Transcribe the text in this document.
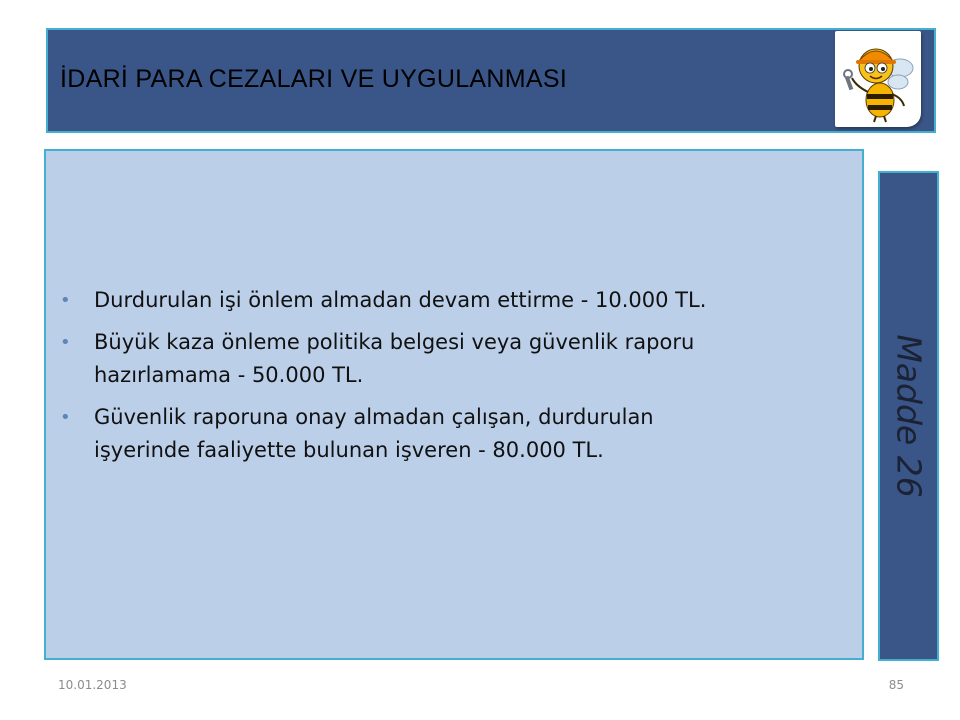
İDARİ PARA CEZALARI VE UYGULANMASI
• Durdurulan işi önlem almadan devam ettirme - 10.000 TL.
• Büyük kaza önleme politika belgesi veya güvenlik raporu
hazırlamama - 50.000 TL.
• Güvenlik raporuna onay almadan çalışan, durdurulan
işyerinde faaliyette bulunan işveren - 80.000 TL.	Madde 26
10.01.2013	85
